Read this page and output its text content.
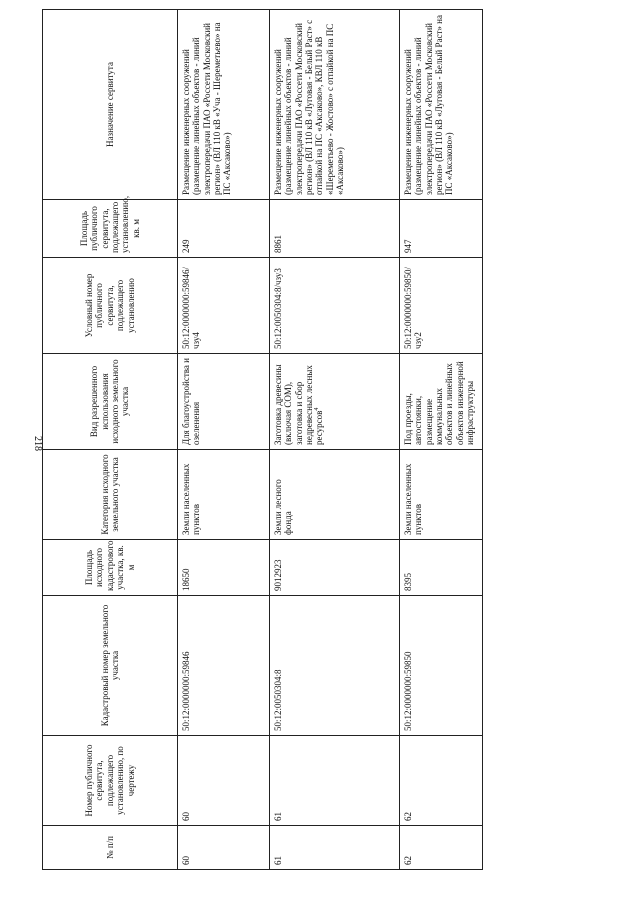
218
№ п/п	Номер публичного сервитута, подлежащего установлению, по чертежу	Кадастровый номер земельного участка	Площадь исходного кадастрового участка, кв. м	Категория исходного земельного участка	Вид разрешенного использования исходного земельного участка	Условный номер публичного сервитута, подлежащего установлению	Площадь публичного сервитута, подлежащего установлению, кв. м	Назначение сервитута
60	60	50:12:0000000:59846	18650	Земли населенных пунктов	Для благоустройства и озеленения	50:12:0000000:59846/чзу4	249	Размещение инженерных сооружений (размещение линейных объектов - линий электропередачи ПАО «Россети Московский регион» (ВЛ 110 кВ «Уча - Шереметьево» на ПС «Аксаково»)
61	61	50:12:0050304:8	9012923	Земли лесного фонда	Заготовка древесины (включая СОМ), заготовка и сбор недревесных лесных ресурсов$^4$	50:12:0050304:8/чзу3	8861	Размещение инженерных сооружений (размещение линейных объектов - линий электропередачи ПАО «Россети Московский регион» (ВЛ 110 кВ «Луговая - Белый Раст» с отпайкой на ПС «Аксаково», КВЛ 110 кВ «Шереметьево - Жостово» с отпайкой на ПС «Аксаково»)
62	62	50:12:0000000:59850	8395	Земли населенных пунктов	Под проезды, автостоянки, размещение коммунальных объектов и линейных объектов инженерной инфраструктуры	50:12:0000000:59850/чзу2	947	Размещение инженерных сооружений (размещение линейных объектов - линий электропередачи ПАО «Россети Московский регион» (ВЛ 110 кВ «Луговая - Белый Раст» на ПС «Аксаково»)
